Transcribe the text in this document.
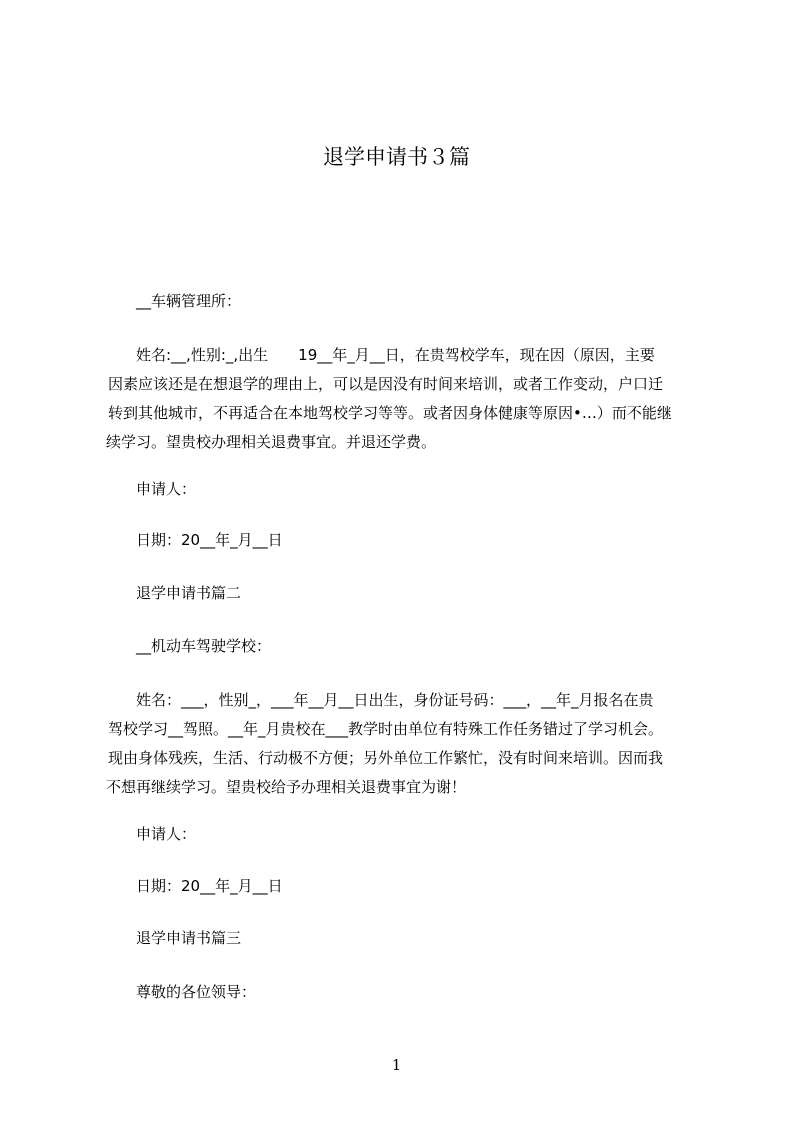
退学申请书３篇

__车辆管理所：

姓名:__,性别:_,出生　　19__年_月__日，在贵驾校学车，现在因（原因，主要
因素应该还是在想退学的理由上，可以是因没有时间来培训，或者工作变动，户口迁
转到其他城市，不再适合在本地驾校学习等等。或者因身体健康等原因•…）而不能继
续学习。望贵校办理相关退费事宜。并退还学费。

申请人：

日期：20__年_月__日

退学申请书篇二

__机动车驾驶学校：

姓名：___，性别_，___年__月__日出生，身份证号码：___，__年_月报名在贵
驾校学习__驾照。__年_月贵校在___教学时由单位有特殊工作任务错过了学习机会。
现由身体残疾，生活、行动极不方便；另外单位工作繁忙，没有时间来培训。因而我
不想再继续学习。望贵校给予办理相关退费事宜为谢！

申请人：

日期：20__年_月__日

退学申请书篇三

尊敬的各位领导：

1
